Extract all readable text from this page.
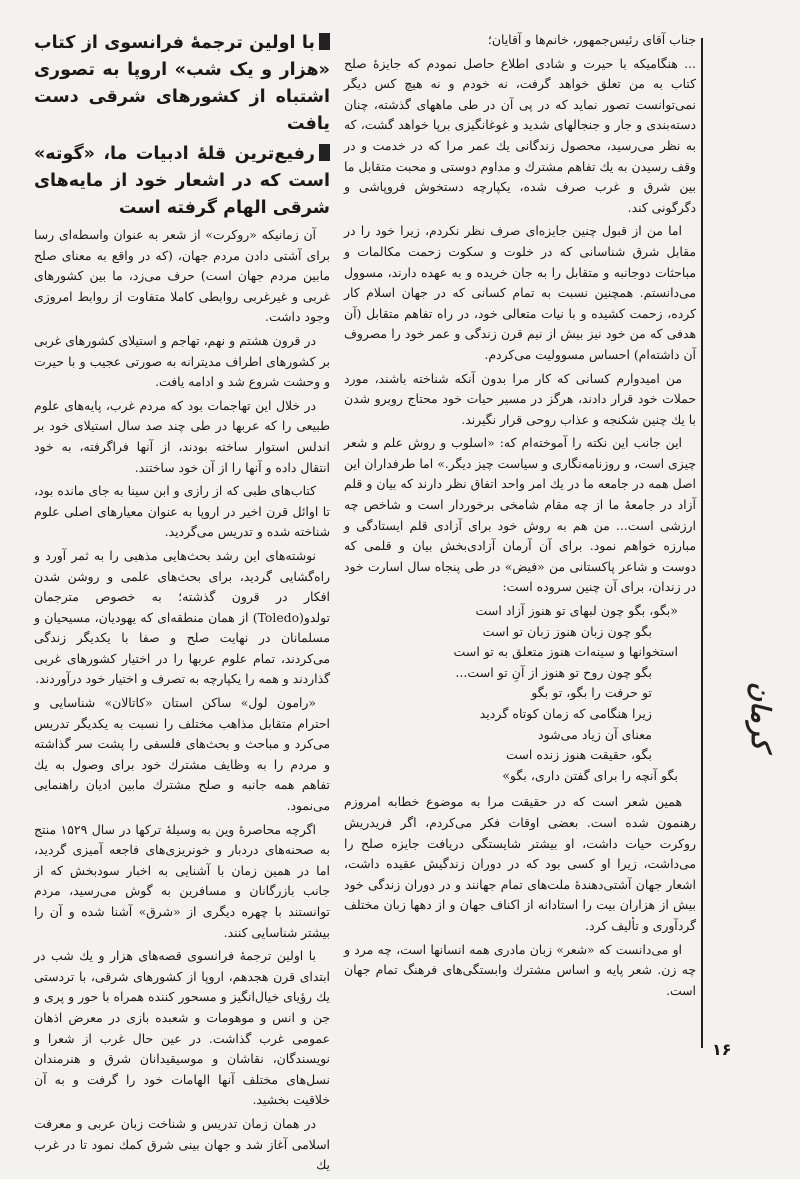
جناب آقای رئیس‌جمهور، خانم‌ها و آقایان؛

... هنگامیکه با حیرت و شادی اطلاع حاصل نمودم که جایزهٔ صلح کتاب به من تعلق خواهد گرفت، نه خودم و نه هیچ کس دیگر نمی‌توانست تصور نماید که در پی آن در طی ماههای گذشته، چنان دسته‌بندی و جار و جنجالهای شدید و غوغانگیزی برپا خواهد گشت، که به نظر می‌رسید، محصول زندگانی یك عمر مرا که در خدمت و در وقف رسیدن به یك تفاهم مشترك و مداوم دوستی و محبت متقابل ما بین شرق و غرب صرف شده، یکپارچه دستخوش فروپاشی و دگرگونی کند.

اما من از قبول چنین جایزه‌ای صرف نظر نکردم، زیرا خود را در مقابل شرق شناسانی که در خلوت و سکوت زحمت مکالمات و مباحثات دوجانبه و متقابل را به جان خریده و به عهده دارند، مسوول می‌دانستم. همچنین نسبت به تمام کسانی که در جهان اسلام کار کرده، زحمت کشیده و با نیات متعالی خود، در راه تفاهم متقابل (آن هدفی که من خود نیز بیش از نیم قرن زندگی و عمر خود را مصروف آن داشته‌ام) احساس مسوولیت می‌کردم.

من امیدوارم کسانی که کار مرا بدون آنکه شناخته باشند، مورد حملات خود قرار دادند، هرگز در مسیر حیات خود محتاج روبرو شدن با یك چنین شکنجه و عذاب روحی قرار نگیرند.

این جانب این نکته را آموخته‌ام که: «اسلوب و روش علم و شعر چیزی است، و روزنامه‌نگاری و سیاست چیز دیگر.» اما طرفداران این اصل همه در جامعه ما در یك امر واحد اتفاق نظر دارند که بیان و قلم آزاد در جامعهٔ ما از چه مقام شامخی برخوردار است و شاخص چه ارزشی است... من هم به روش خود برای آزادی قلم ایستادگی و مبارزه خواهم نمود. برای آن آرمان آزادی‌بخش بیان و قلمی که دوست و شاعر پاکستانی من «فیض» در طی پنجاه سال اسارت خود در زندان، برای آن چنین سروده است:

«بگو، بگو چون لبهای تو هنوز آزاد است
بگو چون زبان هنوز زبان تو است
استخوانها و سینه‌ات هنوز متعلق به تو است
بگو چون روح تو هنوز از آنِ تو است...
تو حرفت را بگو، تو بگو
زیرا هنگامی که زمان کوتاه گردید
معنای آن زیاد می‌شود
بگو، حقیقت هنوز زنده است
بگو آنچه را برای گفتن داری، بگو»

همین شعر است که در حقیقت مرا به موضوع خطابه امروزم رهنمون شده است. بعضی اوقات فکر می‌کردم، اگر فریدریش روکرت حیات داشت، او بیشتر شایستگی دریافت جایزه صلح را می‌داشت، زیرا او کسی بود که در دوران زندگیش عقیده داشت، اشعار جهان آشتی‌دهندهٔ ملت‌های تمام جهانند و در دوران زندگی خود بیش از هزاران بیت را استادانه از اکناف جهان و از دهها زبان مختلف گردآوری و تألیف کرد.

او می‌دانست که «شعر» زبان مادری همه انسانها است، چه مرد و چه زن. شعر پایه و اساس مشترك وابستگی‌های فرهنگ تمام جهان است.

با اولین ترجمهٔ فرانسوی از کتاب «هزار و یک شب» اروپا به تصوری اشتباه از کشورهای شرقی دست یافت

رفیع‌ترین قلهٔ ادبیات ما، «گوته» است که در اشعار خود از مایه‌های شرقی الهام گرفته است

آن زمانیکه «روکرت» از شعر به عنوان واسطه‌ای رسا برای آشتی دادن مردم جهان، (که در واقع به معنای صلح مابین مردم جهان است) حرف می‌زد، ما بین کشورهای غربی و غیرغربی روابطی کاملا متفاوت از روابط امروزی وجود داشت.

در قرون هشتم و نهم، تهاجم و استیلای کشورهای غربی بر کشورهای اطراف مدیترانه به صورتی عجیب و با حیرت و وحشت شروع شد و ادامه یافت.

در خلال این تهاجمات بود که مردم غرب، پایه‌های علوم طبیعی را که عربها در طی چند صد سال استیلای خود بر اندلس استوار ساخته بودند، از آنها فراگرفته، به خود انتقال داده و آنها را از آن خود ساختند.

کتاب‌های طبی که از رازی و ابن سینا به جای مانده بود، تا اوائل قرن اخیر در اروپا به عنوان معیارهای اصلی علوم شناخته شده و تدریس می‌گردید.

نوشته‌های این رشد بحث‌هایی مذهبی را به ثمر آورد و راه‌گشایی گردید، برای بحث‌های علمی و روشن شدن افکار در قرون گذشته؛ به خصوص مترجمان تولدو(Toledo) از همان منطقه‌ای که یهودیان، مسیحیان و مسلمانان در نهایت صلح و صفا با یکدیگر زندگی می‌کردند، تمام علوم عربها را در اختیار کشورهای غربی گذاردند و همه را یکپارچه به تصرف و اختیار خود درآوردند.

«رامون لول» ساکن استان «کاتالان» شناسایی و احترام متقابل مذاهب مختلف را نسبت به یکدیگر تدریس می‌کرد و مباحث و بحث‌های فلسفی را پشت سر گذاشته و مردم را به وظایف مشترك خود برای وصول به یك تفاهم همه جانبه و صلح مشترك مابین ادیان راهنمایی می‌نمود.

اگرچه محاصرهٔ وین به وسیلهٔ ترکها در سال ۱۵۲۹ منتج به صحنه‌های دردبار و خونریزی‌های فاجعه آمیزی گردید، اما در همین زمان با آشنایی به اخبار سودبخش که از جانب بازرگانان و مسافرین به گوش می‌رسید، مردم توانستند با چهره دیگری از «شرق» آشنا شده و آن را بیشتر شناسایی کنند.

با اولین ترجمهٔ فرانسوی قصه‌های هزار و یك شب در ابتدای قرن هجدهم، اروپا از کشورهای شرقی، با تردستی یك رؤیای خیال‌انگیز و مسحور کننده همراه با حور و پری و جن و انس و موهومات و شعبده بازی در معرض اذهان عمومی غرب گذاشت. در عین حال غرب از شعرا و نویسندگان، نقاشان و موسیقیدانان شرق و هنرمندان نسل‌های مختلف آنها الهامات خود را گرفت و به آن خلاقیت بخشید.

در همان زمان تدریس و شناخت زبان عربی و معرفت اسلامی آغاز شد و جهان بینی شرق کمك نمود تا در غرب یك

کرمان
۱۶
